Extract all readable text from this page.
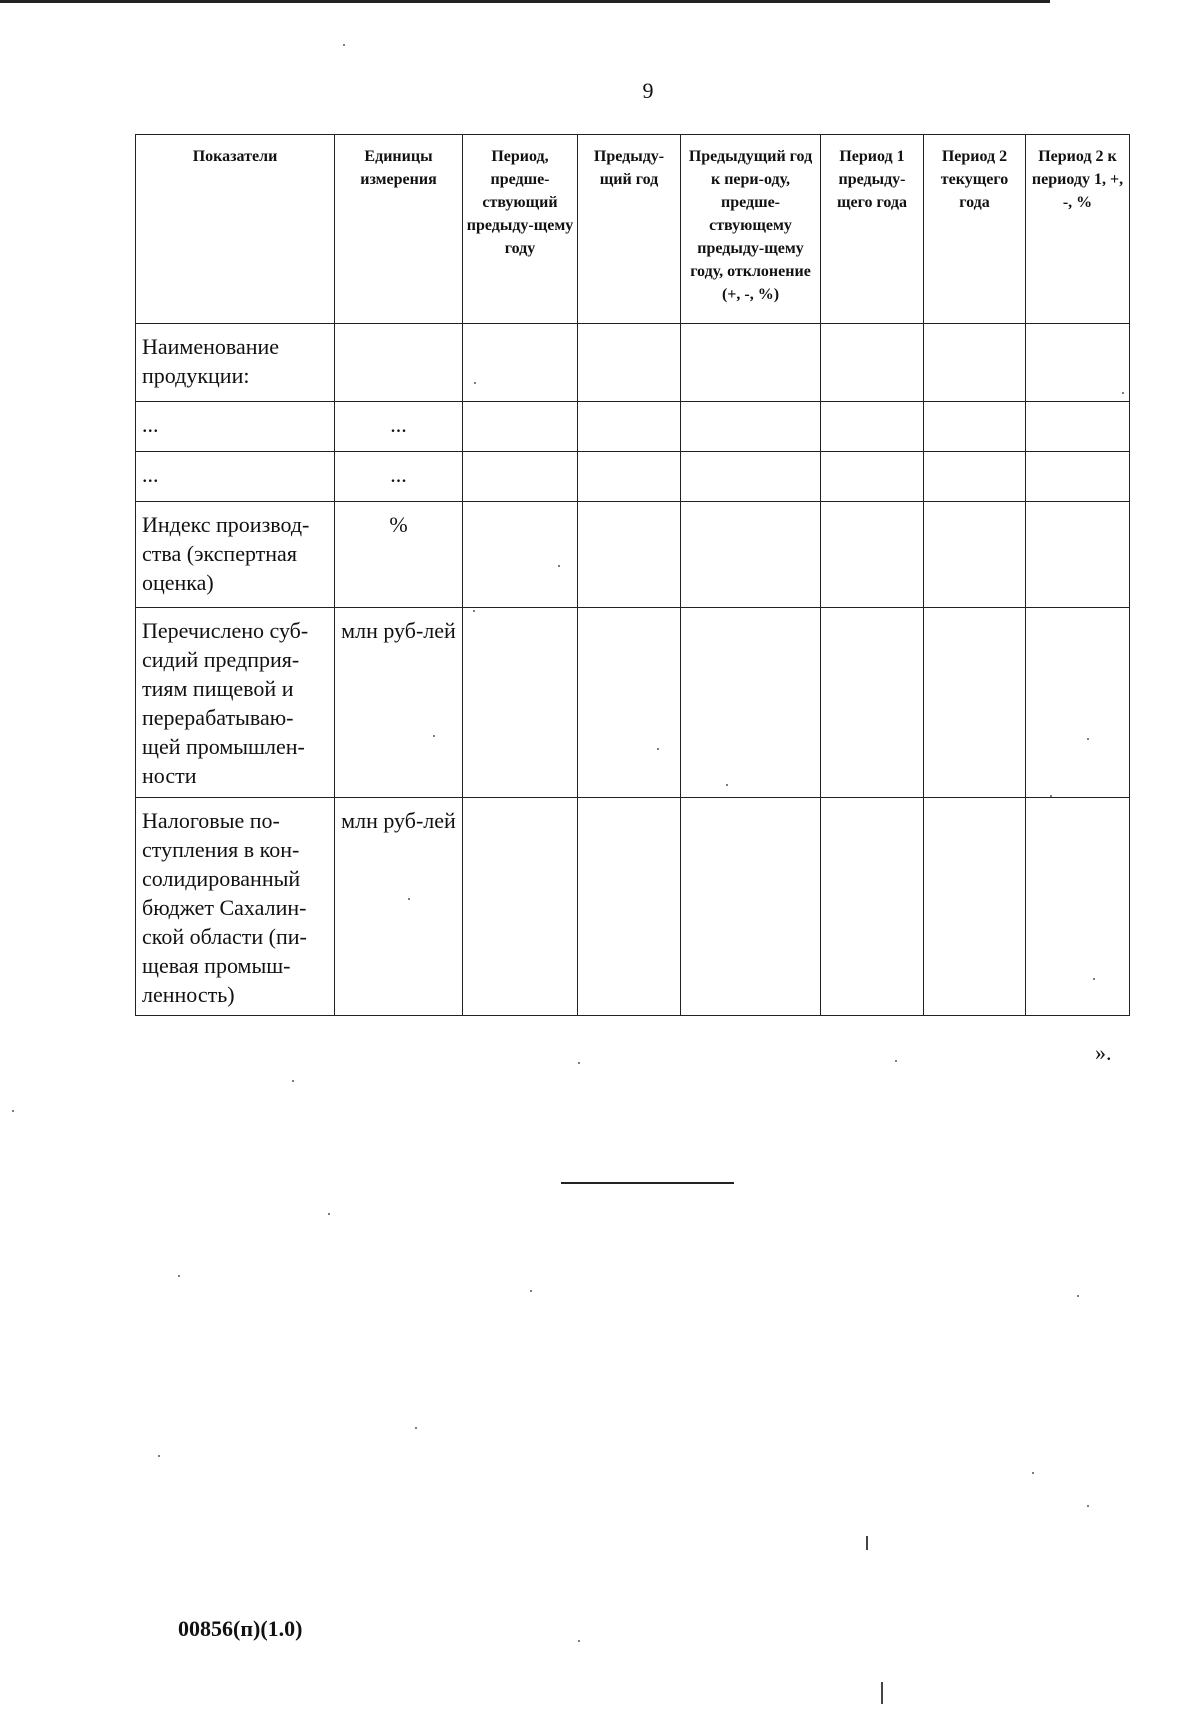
9
Показатели	Единицы измерения	Период, предше-ствующий предыду-щему году	Предыду-щий год	Предыдущий год к пери-оду, предше-ствующему предыду-щему году, отклонение (+, -, %)	Период 1 предыду-щего года	Период 2 текущего года	Период 2 к периоду 1, +, -, %
Наименование продукции:							
...	...						
...	...						
Индекс производ-ства (экспертная оценка)	%						
Перечислено суб-сидий предприя-тиям пищевой и перерабатываю-щей промышлен-ности	млн руб-лей						
Налоговые по-ступления в кон-солидированный бюджет Сахалин-ской области (пи-щевая промыш-ленность)	млн руб-лей						
».
00856(п)(1.0)
